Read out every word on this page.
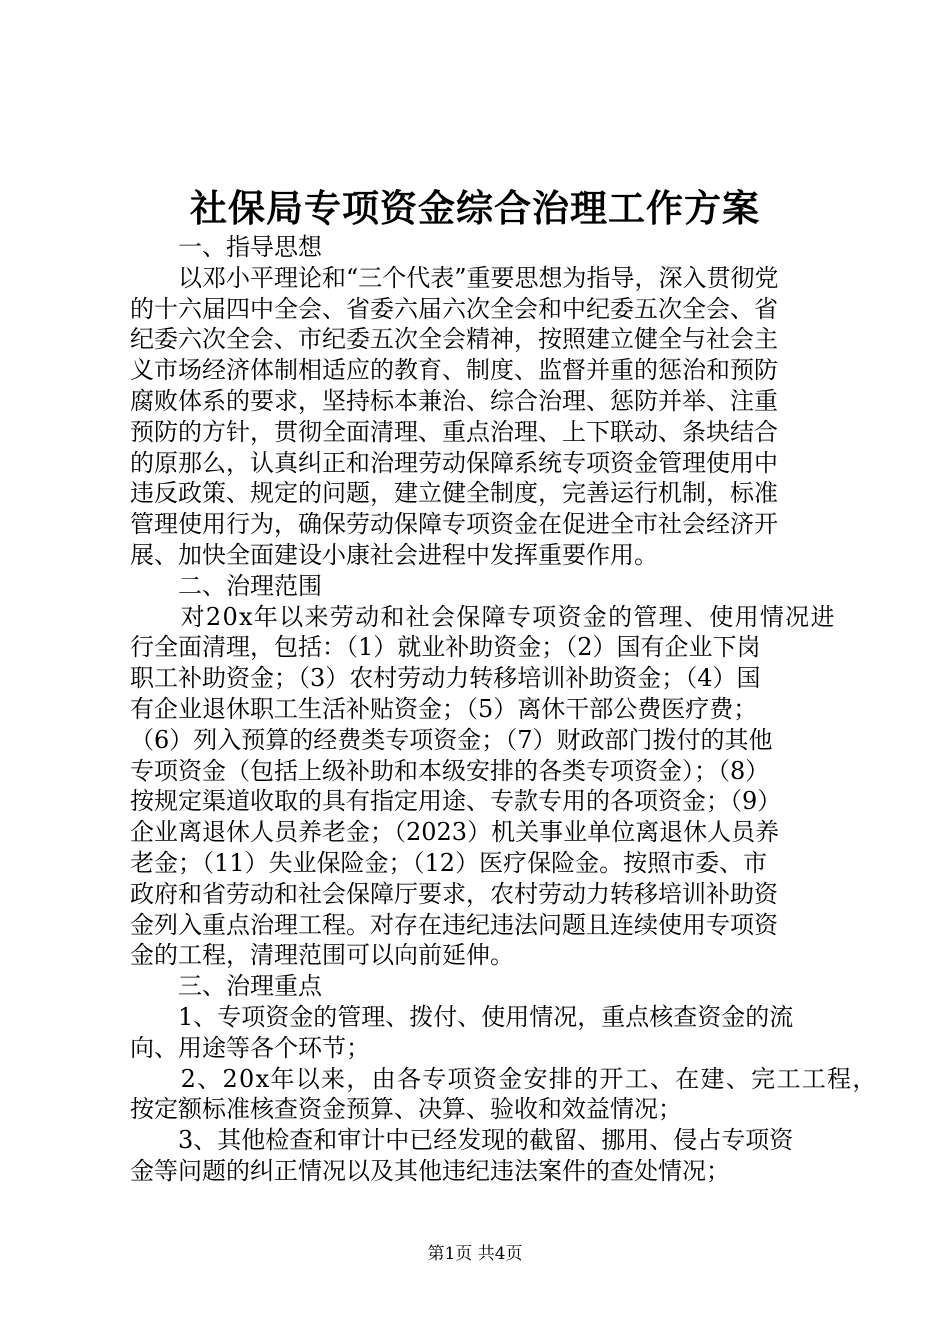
社保局专项资金综合治理工作方案
　　一、指导思想
　　以邓小平理论和“三个代表”重要思想为指导，深入贯彻党
的十六届四中全会、省委六届六次全会和中纪委五次全会、省
纪委六次全会、市纪委五次全会精神，按照建立健全与社会主
义市场经济体制相适应的教育、制度、监督并重的惩治和预防
腐败体系的要求，坚持标本兼治、综合治理、惩防并举、注重
预防的方针，贯彻全面清理、重点治理、上下联动、条块结合
的原那么，认真纠正和治理劳动保障系统专项资金管理使用中
违反政策、规定的问题，建立健全制度，完善运行机制，标准
管理使用行为，确保劳动保障专项资金在促进全市社会经济开
展、加快全面建设小康社会进程中发挥重要作用。
　　二、治理范围
　　对20x年以来劳动和社会保障专项资金的管理、使用情况进
行全面清理，包括：（1）就业补助资金；（2）国有企业下岗
职工补助资金；（3）农村劳动力转移培训补助资金；（4）国
有企业退休职工生活补贴资金；（5）离休干部公费医疗费；
（6）列入预算的经费类专项资金；（7）财政部门拨付的其他
专项资金（包括上级补助和本级安排的各类专项资金）；（8）
按规定渠道收取的具有指定用途、专款专用的各项资金；（9）
企业离退休人员养老金；（2023）机关事业单位离退休人员养
老金；（11）失业保险金；（12）医疗保险金。按照市委、市
政府和省劳动和社会保障厅要求，农村劳动力转移培训补助资
金列入重点治理工程。对存在违纪违法问题且连续使用专项资
金的工程，清理范围可以向前延伸。
　　三、治理重点
　　1、专项资金的管理、拨付、使用情况，重点核查资金的流
向、用途等各个环节；
　　2、20x年以来，由各专项资金安排的开工、在建、完工工程，
按定额标准核查资金预算、决算、验收和效益情况；
　　3、其他检查和审计中已经发现的截留、挪用、侵占专项资
金等问题的纠正情况以及其他违纪违法案件的查处情况；
第1页 共4页
